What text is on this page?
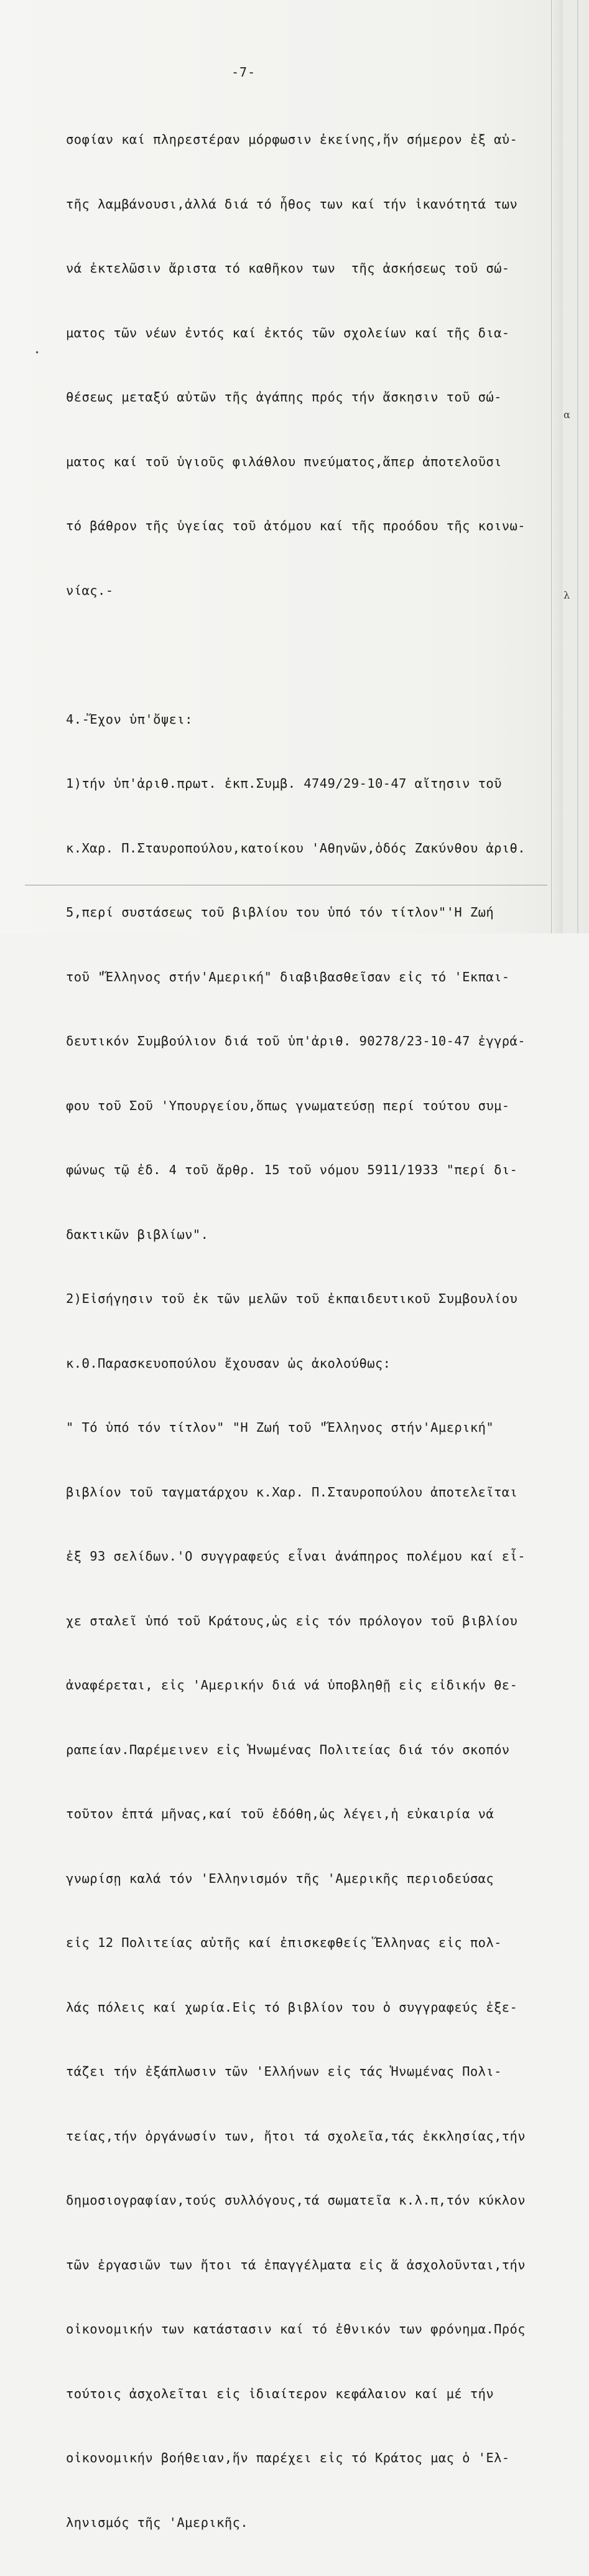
-7-

σοφίαν καί πληρεστέραν μόρφωσιν ἐκείνης,ἥν σήμερον ἐξ αὐ-

τῆς λαμβάνουσι,ἀλλά διά τό ἦθος των καί τήν ἱκανότητά των

νά ἐκτελῶσιν ἄριστα τό καθῆκον των  τῆς ἀσκήσεως τοῦ σώ-

ματος τῶν νέων ἐντός καί ἐκτός τῶν σχολείων καί τῆς δια-

θέσεως μεταξύ αὐτῶν τῆς ἀγάπης πρός τήν ἄσκησιν τοῦ σώ-

ματος καί τοῦ ὑγιοῦς φιλάθλου πνεύματος,ἅπερ ἀποτελοῦσι

τό βάθρον τῆς ὑγείας τοῦ ἀτόμου καί τῆς προόδου τῆς κοινω-

νίας.-

4.-Ἔχον ὑπ'ὄψει:

1)τήν ὑπ'ἀριθ.πρωτ. ἐκπ.Συμβ. 4749/29-10-47 αἴτησιν τοῦ

κ.Χαρ. Π.Σταυροπούλου,κατοίκου 'Αθηνῶν,ὁδός Ζακύνθου ἀριθ.

5,περί συστάσεως τοῦ βιβλίου του ὑπό τόν τίτλον"'Η Ζωή

τοῦ "Ἕλληνος στήν'Αμερική" διαβιβασθεῖσαν εἰς τό 'Εκπαι-

δευτικόν Συμβούλιον διά τοῦ ὑπ'ἀριθ. 90278/23-10-47 ἐγγρά-

φου τοῦ Σοῦ 'Υπουργείου,ὅπως γνωματεύσῃ περί τούτου συμ-

φώνως τῷ ἐδ. 4 τοῦ ἄρθρ. 15 τοῦ νόμου 5911/1933 "περί δι-

δακτικῶν βιβλίων".

2)Εἰσήγησιν τοῦ ἐκ τῶν μελῶν τοῦ ἐκπαιδευτικοῦ Συμβουλίου

κ.Θ.Παρασκευοπούλου ἔχουσαν ὡς ἀκολούθως:

" Τό ὑπό τόν τίτλον" "Η Ζωή τοῦ "Ἕλληνος στήν'Αμερική"

βιβλίον τοῦ ταγματάρχου κ.Χαρ. Π.Σταυροπούλου ἀποτελεῖται

ἐξ 93 σελίδων.'Ο συγγραφεύς εἶναι ἀνάπηρος πολέμου καί εἶ-

χε σταλεῖ ὑπό τοῦ Κράτους,ὡς εἰς τόν πρόλογον τοῦ βιβλίου

ἀναφέρεται, εἰς 'Αμερικήν διά νά ὑποβληθῇ εἰς εἰδικήν θε-

ραπείαν.Παρέμεινεν εἰς Ἡνωμένας Πολιτείας διά τόν σκοπόν

τοῦτον ἑπτά μῆνας,καί τοῦ ἐδόθη,ὡς λέγει,ἡ εὐκαιρία νά

γνωρίσῃ καλά τόν 'Ελληνισμόν τῆς 'Αμερικῆς περιοδεύσας

εἰς 12 Πολιτείας αὐτῆς καί ἐπισκεφθείς Ἕλληνας εἰς πολ-

λάς πόλεις καί χωρία.Εἰς τό βιβλίον του ὁ συγγραφεύς ἐξε-

τάζει τήν ἐξάπλωσιν τῶν 'Ελλήνων εἰς τάς Ἡνωμένας Πολι-

τείας,τήν ὀργάνωσίν των, ἤτοι τά σχολεῖα,τάς ἐκκλησίας,τήν

δημοσιογραφίαν,τούς συλλόγους,τά σωματεῖα κ.λ.π,τόν κύκλον

τῶν ἐργασιῶν των ἤτοι τά ἐπαγγέλματα εἰς ἅ ἀσχολοῦνται,τήν

οἰκονομικήν των κατάστασιν καί τό ἐθνικόν των φρόνημα.Πρός

τούτοις ἀσχολεῖται εἰς ἰδιαίτερον κεφάλαιον καί μέ τήν

οἰκονομικήν βοήθειαν,ἥν παρέχει εἰς τό Κράτος μας ὁ 'Ελ-

ληνισμός τῆς 'Αμερικῆς.

λ
α
•
